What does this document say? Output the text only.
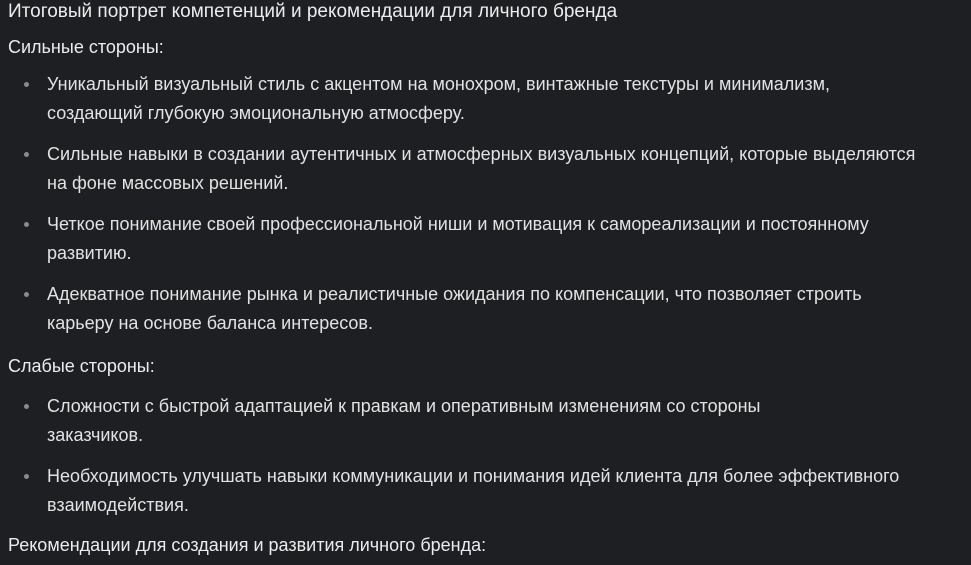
Итоговый портрет компетенций и рекомендации для личного бренда
Сильные стороны:
Уникальный визуальный стиль с акцентом на монохром, винтажные текстуры и минимализм, создающий глубокую эмоциональную атмосферу.
Сильные навыки в создании аутентичных и атмосферных визуальных концепций, которые выделяются на фоне массовых решений.
Четкое понимание своей профессиональной ниши и мотивация к самореализации и постоянному развитию.
Адекватное понимание рынка и реалистичные ожидания по компенсации, что позволяет строить карьеру на основе баланса интересов.
Слабые стороны:
Сложности с быстрой адаптацией к правкам и оперативным изменениям со стороны заказчиков.
Необходимость улучшать навыки коммуникации и понимания идей клиента для более эффективного взаимодействия.
Рекомендации для создания и развития личного бренда:
